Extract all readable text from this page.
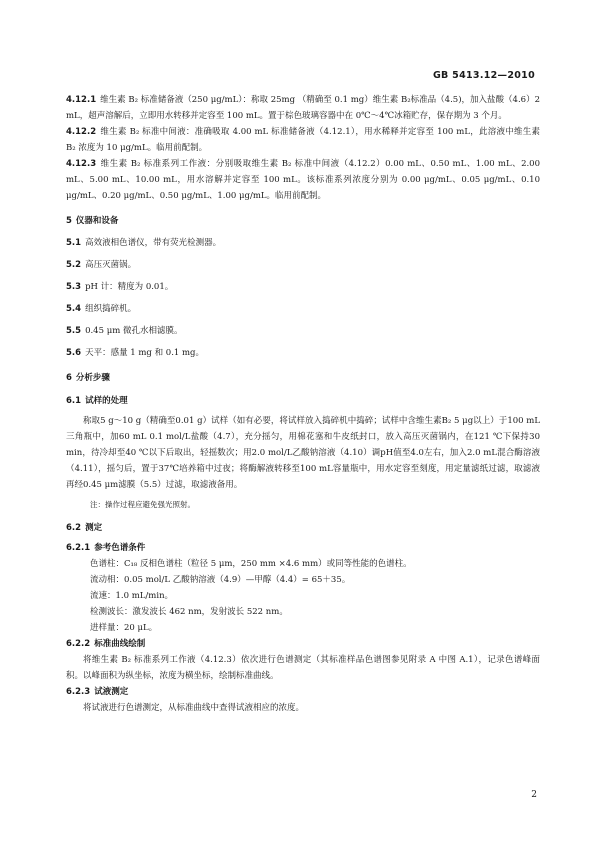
GB 5413.12—2010

4.12.1 维生素 B₂ 标准储备液（250 μg/mL）：称取 25mg （精确至 0.1 mg）维生素 B₂标准品（4.5)，加入盐酸（4.6）2 mL，超声溶解后，立即用水转移并定容至 100 mL。置于棕色玻璃容器中在 0℃～4℃冰箱贮存，保存期为 3 个月。

4.12.2 维生素 B₂ 标准中间液：准确吸取 4.00 mL 标准储备液（4.12.1），用水稀释并定容至 100 mL，此溶液中维生素 B₂ 浓度为 10 μg/mL。临用前配制。

4.12.3 维生素 B₂ 标准系列工作液：分别吸取维生素 B₂ 标准中间液（4.12.2）0.00 mL、0.50 mL、1.00 mL、2.00 mL、5.00 mL、10.00 mL，用水溶解并定容至 100 mL。该标准系列浓度分别为 0.00 μg/mL、0.05 μg/mL、0.10 μg/mL、0.20 μg/mL、0.50 μg/mL、1.00 μg/mL。临用前配制。

5 仪器和设备

5.1 高效液相色谱仪，带有荧光检测器。

5.2 高压灭菌锅。

5.3 pH 计：精度为 0.01。

5.4 组织捣碎机。

5.5 0.45 μm 微孔水相滤膜。

5.6 天平：感量 1 mg 和 0.1 mg。

6 分析步骤

6.1 试样的处理

称取5 g～10 g（精确至0.01 g）试样（如有必要，将试样放入捣碎机中捣碎；试样中含维生素B₂ 5 μg以上）于100 mL三角瓶中，加60 mL 0.1 mol/L盐酸（4.7），充分摇匀，用棉花塞和牛皮纸封口，放入高压灭菌锅内，在121 ℃下保持30 min，待冷却至40 ℃以下后取出，轻摇数次；用2.0 mol/L乙酸钠溶液（4.10）调pH值至4.0左右，加入2.0 mL混合酶溶液（4.11），摇匀后，置于37℃培养箱中过夜；将酶解液转移至100 mL容量瓶中，用水定容至刻度，用定量滤纸过滤，取滤液再经0.45 μm滤膜（5.5）过滤，取滤液备用。

注：操作过程应避免强光照射。

6.2 测定

6.2.1 参考色谱条件

色谱柱：C₁₈ 反相色谱柱（粒径 5 μm，250 mm ×4.6 mm）或同等性能的色谱柱。

流动相：0.05 mol/L 乙酸钠溶液（4.9）—甲醇（4.4）= 65＋35。

流速：1.0 mL/min。

检测波长：激发波长 462 nm，发射波长 522 nm。

进样量：20 μL。

6.2.2 标准曲线绘制

将维生素 B₂ 标准系列工作液（4.12.3）依次进行色谱测定（其标准样品色谱图参见附录 A 中图 A.1），记录色谱峰面积。以峰面积为纵坐标，浓度为横坐标，绘制标准曲线。

6.2.3 试液测定

将试液进行色谱测定，从标准曲线中查得试液相应的浓度。

2
